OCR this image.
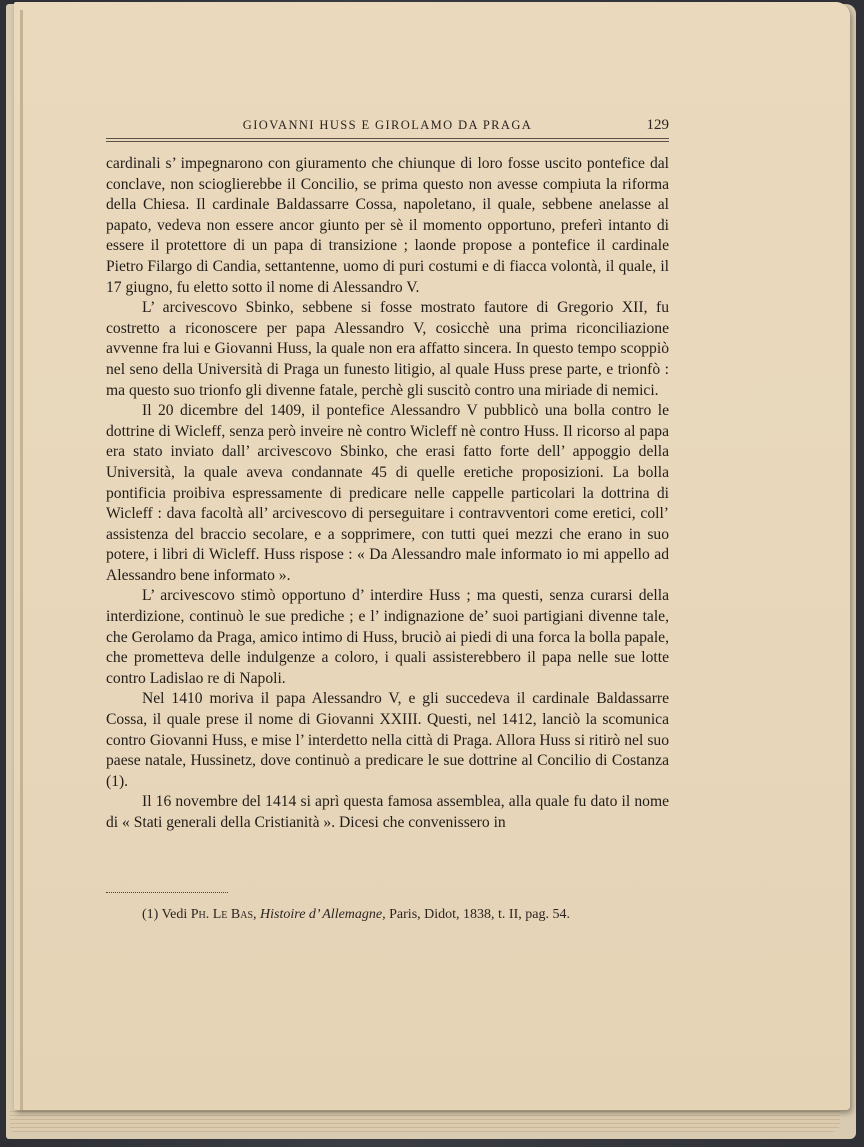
GIOVANNI HUSS E GIROLAMO DA PRAGA	129

cardinali s’ impegnarono con giuramento che chiunque di loro fosse uscito pontefice dal conclave, non scioglierebbe il Concilio, se prima questo non avesse compiuta la riforma della Chiesa. Il cardinale Baldassarre Cossa, napoletano, il quale, sebbene anelasse al papato, vedeva non essere ancor giunto per sè il momento opportuno, preferì intanto di essere il protettore di un papa di transizione ; laonde propose a pontefice il cardinale Pietro Filargo di Candia, settantenne, uomo di puri costumi e di fiacca volontà, il quale, il 17 giugno, fu eletto sotto il nome di Alessandro V.

L’ arcivescovo Sbinko, sebbene si fosse mostrato fautore di Gregorio XII, fu costretto a riconoscere per papa Alessandro V, cosicchè una prima riconciliazione avvenne fra lui e Giovanni Huss, la quale non era affatto sincera. In questo tempo scoppiò nel seno della Università di Praga un funesto litigio, al quale Huss prese parte, e trionfò : ma questo suo trionfo gli divenne fatale, perchè gli suscitò contro una miriade di nemici.

Il 20 dicembre del 1409, il pontefice Alessandro V pubblicò una bolla contro le dottrine di Wicleff, senza però inveire nè contro Wicleff nè contro Huss. Il ricorso al papa era stato inviato dall’ arcivescovo Sbinko, che erasi fatto forte dell’ appoggio della Università, la quale aveva condannate 45 di quelle eretiche proposizioni. La bolla pontificia proibiva espressamente di predicare nelle cappelle particolari la dottrina di Wicleff : dava facoltà all’ arcivescovo di perseguitare i contravventori come eretici, coll’ assistenza del braccio secolare, e a sopprimere, con tutti quei mezzi che erano in suo potere, i libri di Wicleff. Huss rispose : « Da Alessandro male informato io mi appello ad Alessandro bene informato ».

L’ arcivescovo stimò opportuno d’ interdire Huss ; ma questi, senza curarsi della interdizione, continuò le sue prediche ; e l’ indignazione de’ suoi partigiani divenne tale, che Gerolamo da Praga, amico intimo di Huss, bruciò ai piedi di una forca la bolla papale, che prometteva delle indulgenze a coloro, i quali assisterebbero il papa nelle sue lotte contro Ladislao re di Napoli.

Nel 1410 moriva il papa Alessandro V, e gli succedeva il cardinale Baldassarre Cossa, il quale prese il nome di Giovanni XXIII. Questi, nel 1412, lanciò la scomunica contro Giovanni Huss, e mise l’ interdetto nella città di Praga. Allora Huss si ritirò nel suo paese natale, Hussinetz, dove continuò a predicare le sue dottrine al Concilio di Costanza (1).

Il 16 novembre del 1414 si aprì questa famosa assemblea, alla quale fu dato il nome di « Stati generali della Cristianità ». Dicesi che convenissero in

(1) Vedi Ph. Le Bas, Histoire d’ Allemagne, Paris, Didot, 1838, t. II, pag. 54.
